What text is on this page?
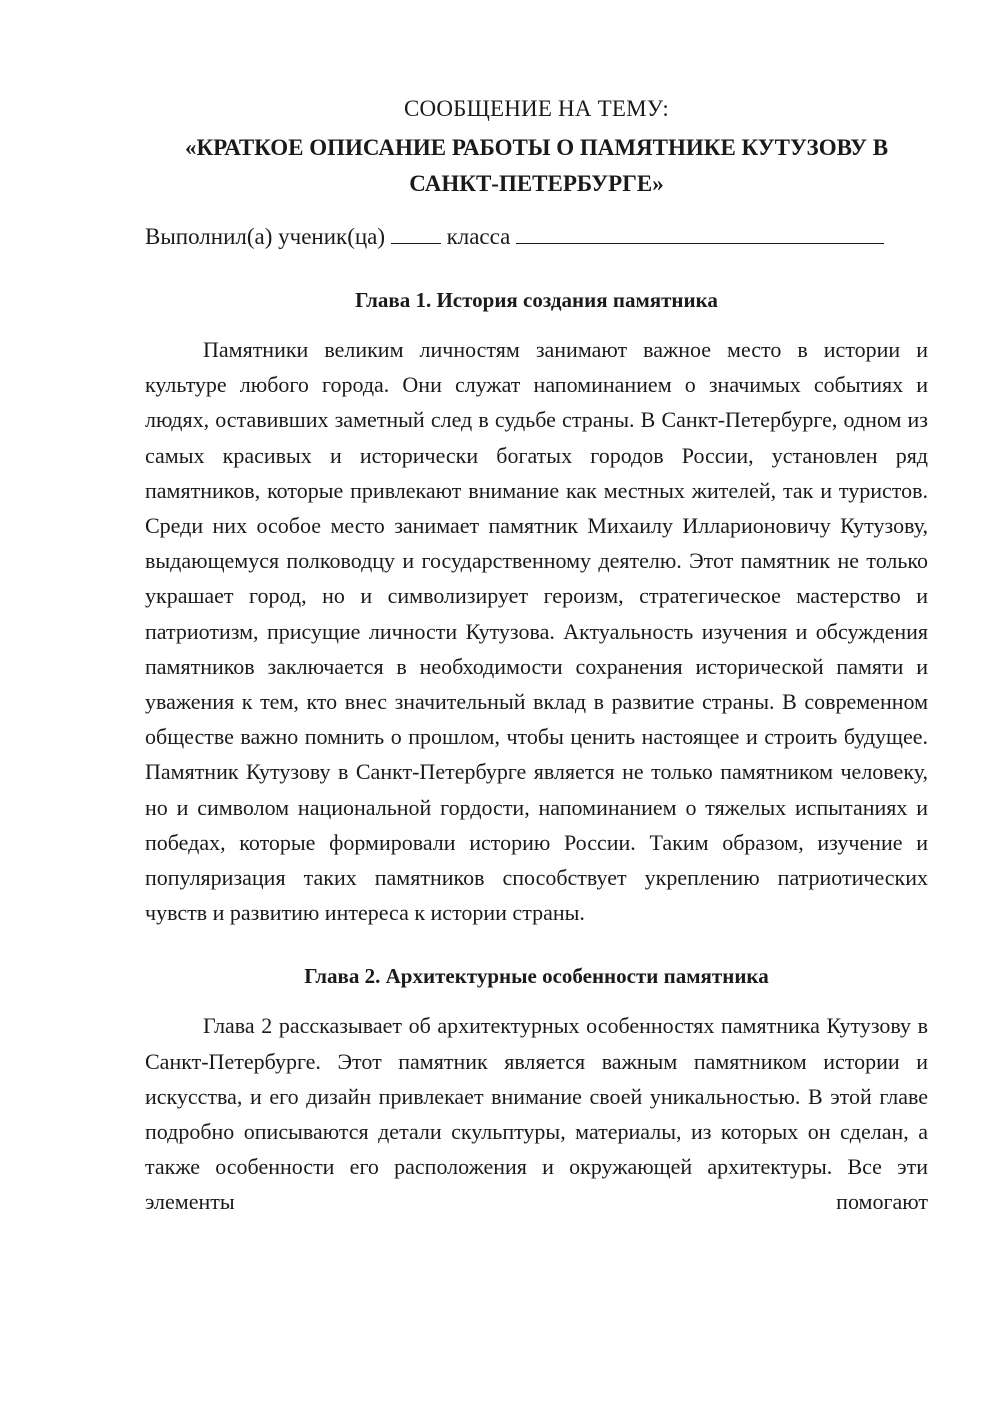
СООБЩЕНИЕ НА ТЕМУ:

«КРАТКОЕ ОПИСАНИЕ РАБОТЫ О ПАМЯТНИКЕ КУТУЗОВУ В САНКТ-ПЕТЕРБУРГЕ»

Выполнил(а) ученик(ца)	класса

Глава 1. История создания памятника

Памятники великим личностям занимают важное место в истории и культуре любого города. Они служат напоминанием о значимых событиях и людях, оставивших заметный след в судьбе страны. В Санкт-Петербурге, одном из самых красивых и исторически богатых городов России, установлен ряд памятников, которые привлекают внимание как местных жителей, так и туристов. Среди них особое место занимает памятник Михаилу Илларионовичу Кутузову, выдающемуся полководцу и государственному деятелю. Этот памятник не только украшает город, но и символизирует героизм, стратегическое мастерство и патриотизм, присущие личности Кутузова. Актуальность изучения и обсуждения памятников заключается в необходимости сохранения исторической памяти и уважения к тем, кто внес значительный вклад в развитие страны. В современном обществе важно помнить о прошлом, чтобы ценить настоящее и строить будущее. Памятник Кутузову в Санкт-Петербурге является не только памятником человеку, но и символом национальной гордости, напоминанием о тяжелых испытаниях и победах, которые формировали историю России. Таким образом, изучение и популяризация таких памятников способствует укреплению патриотических чувств и развитию интереса к истории страны.

Глава 2. Архитектурные особенности памятника

Глава 2 рассказывает об архитектурных особенностях памятника Кутузову в Санкт-Петербурге. Этот памятник является важным памятником истории и искусства, и его дизайн привлекает внимание своей уникальностью. В этой главе подробно описываются детали скульптуры, материалы, из которых он сделан, а также особенности его расположения и окружающей архитектуры. Все эти элементы помогают
